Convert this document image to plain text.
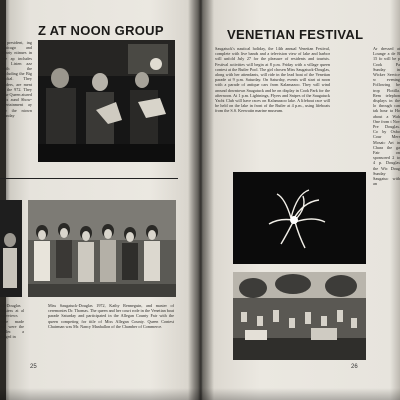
Z AT NOON GROUP
e president, ing Chicago and Marty ntinues in the ap includes rs. Listen azz with the including the Big Jackal. They enders, are ment at the 972. They The Queen atured Dix aund Show- ntertainment ay for the ntown Sunday
ick-Douglas Hostess at al Interviews were made and were the Butler. a judged in
Miss Saugatuck-Douglas 1972, Kathy Renneguin, and master of ceremonies Dr. Thomas. The queen and her court rode in the Venetian boat parade Saturday and participated in the Allegan County Fair with the queen competing for title of Miss Allegan County. Queen Contest Chairman was Mr. Nancy Manhallon of the Chamber of Commerce.
25
VENETIAN FESTIVAL
Saugatuck's nautical holiday, the 14th annual Venetian Festival, complete with live bands and a television view of lake and harbor will unfold July 27 for the pleasure of residents and tourists. Festival activities will begin at 8 p.m. Friday with a village queen contest at the Butler Pool. The girl chosen Miss Saugatuck-Douglas, along with her attendants, will ride in the lead boat of the Venetian parade at 9 p.m. Saturday. On Saturday, events will start at noon with a parade of antique cars from Kalamazoo. They will wind around downtown Saugatuck and be on display in Cook Park for the afternoon. At 1 p.m. Lightnings, Flyers and Snipes of the Saugatuck Yacht Club will have races on Kalamazoo lake. A lifeboat race will be held on the lake in front of the Butler at 4 p.m., using lifeboats from the S.S. Keewatin marine museum.
Ar dressed at Lounge a de B 15 fo will be p Cook Pa Sunday in Wicker Service w evening Following be trop Flotilla. Rem telephon displays in the lo through can tak hour ta Ho about a Wah One from t Nov Pre Douglas. Co by Oxbo Cour Merr Mosaic Art in Chara the ga Fair on sponsored 2 to 4 p. Douglas the Wic Doug Sunday Saugatuc with an
26
